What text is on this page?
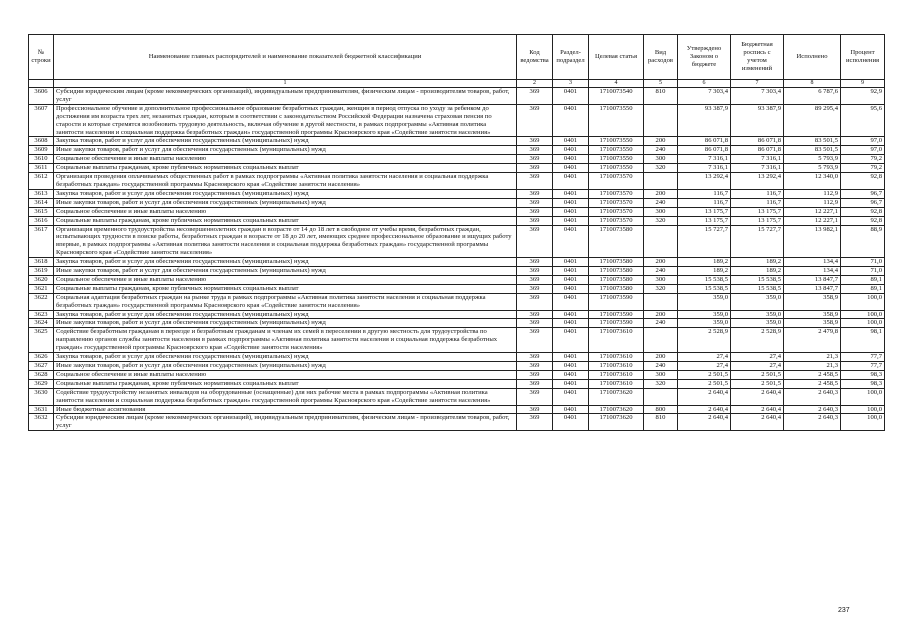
№ строки	Наименование главных распорядителей и наименование показателей бюджетной классификации	Код ведомства	Раздел-подраздел	Целевая статья	Вид расходов	Утверждено Законом о бюджете	Бюджетная роспись с учетом изменений	Исполнено	Процент исполнения
	1	2	3	4	5	6	7	8	9
3606	Субсидии юридическим лицам (кроме некоммерческих организаций), индивидуальным предпринимателям, физическим лицам - производителям товаров, работ, услуг	369	0401	1710073540	810	7 303,4	7 303,4	6 787,6	92,9
3607	Профессиональное обучение и дополнительное профессиональное образование безработных граждан, женщин в период отпуска по уходу за ребенком до достижения им возраста трех лет, незанятых граждан, которым в соответствии с законодательством Российской Федерации назначена страховая пенсия по старости и которые стремятся возобновить трудовую деятельность, включая обучение в другой местности, в рамках подпрограммы «Активная политика занятости населения и социальная поддержка безработных граждан» государственной программы Красноярского края «Содействие занятости населения»	369	0401	1710073550		93 387,9	93 387,9	89 295,4	95,6
3608	Закупка товаров, работ и услуг для обеспечения государственных (муниципальных) нужд	369	0401	1710073550	200	86 071,8	86 071,8	83 501,5	97,0
3609	Иные закупки товаров, работ и услуг для обеспечения государственных (муниципальных) нужд	369	0401	1710073550	240	86 071,8	86 071,8	83 501,5	97,0
3610	Социальное обеспечение и иные выплаты населению	369	0401	1710073550	300	7 316,1	7 316,1	5 793,9	79,2
3611	Социальные выплаты гражданам, кроме публичных нормативных социальных выплат	369	0401	1710073550	320	7 316,1	7 316,1	5 793,9	79,2
3612	Организация проведения оплачиваемых общественных работ в рамках подпрограммы «Активная политика занятости населения и социальная поддержка безработных граждан» государственной программы Красноярского края «Содействие занятости населения»	369	0401	1710073570		13 292,4	13 292,4	12 340,0	92,8
3613	Закупка товаров, работ и услуг для обеспечения государственных (муниципальных) нужд	369	0401	1710073570	200	116,7	116,7	112,9	96,7
3614	Иные закупки товаров, работ и услуг для обеспечения государственных (муниципальных) нужд	369	0401	1710073570	240	116,7	116,7	112,9	96,7
3615	Социальное обеспечение и иные выплаты населению	369	0401	1710073570	300	13 175,7	13 175,7	12 227,1	92,8
3616	Социальные выплаты гражданам, кроме публичных нормативных социальных выплат	369	0401	1710073570	320	13 175,7	13 175,7	12 227,1	92,8
3617	Организация временного трудоустройства несовершеннолетних граждан в возрасте от 14 до 18 лет в свободное от учебы время, безработных граждан, испытывающих трудности в поиске работы, безработных граждан в возрасте от 18 до 20 лет, имеющих среднее профессиональное образование и ищущих работу впервые, в рамках подпрограммы «Активная политика занятости населения и социальная поддержка безработных граждан» государственной программы Красноярского края «Содействие занятости населения»	369	0401	1710073580		15 727,7	15 727,7	13 982,1	88,9
3618	Закупка товаров, работ и услуг для обеспечения государственных (муниципальных) нужд	369	0401	1710073580	200	189,2	189,2	134,4	71,0
3619	Иные закупки товаров, работ и услуг для обеспечения государственных (муниципальных) нужд	369	0401	1710073580	240	189,2	189,2	134,4	71,0
3620	Социальное обеспечение и иные выплаты населению	369	0401	1710073580	300	15 538,5	15 538,5	13 847,7	89,1
3621	Социальные выплаты гражданам, кроме публичных нормативных социальных выплат	369	0401	1710073580	320	15 538,5	15 538,5	13 847,7	89,1
3622	Социальная адаптация безработных граждан на рынке труда в рамках подпрограммы «Активная политика занятости населения и социальная поддержка безработных граждан» государственной программы Красноярского края «Содействие занятости населения»	369	0401	1710073590		359,0	359,0	358,9	100,0
3623	Закупка товаров, работ и услуг для обеспечения государственных (муниципальных) нужд	369	0401	1710073590	200	359,0	359,0	358,9	100,0
3624	Иные закупки товаров, работ и услуг для обеспечения государственных (муниципальных) нужд	369	0401	1710073590	240	359,0	359,0	358,9	100,0
3625	Содействие безработным гражданам в переезде и безработным гражданам и членам их семей в переселении в другую местность для трудоустройства по направлению органов службы занятости населения в рамках подпрограммы «Активная политика занятости населения и социальная поддержка безработных граждан» государственной программы Красноярского края «Содействие занятости населения»	369	0401	1710073610		2 528,9	2 528,9	2 479,8	98,1
3626	Закупка товаров, работ и услуг для обеспечения государственных (муниципальных) нужд	369	0401	1710073610	200	27,4	27,4	21,3	77,7
3627	Иные закупки товаров, работ и услуг для обеспечения государственных (муниципальных) нужд	369	0401	1710073610	240	27,4	27,4	21,3	77,7
3628	Социальное обеспечение и иные выплаты населению	369	0401	1710073610	300	2 501,5	2 501,5	2 458,5	98,3
3629	Социальные выплаты гражданам, кроме публичных нормативных социальных выплат	369	0401	1710073610	320	2 501,5	2 501,5	2 458,5	98,3
3630	Содействие трудоустройству незанятых инвалидов на оборудованные (оснащенные) для них рабочие места в рамках подпрограммы «Активная политика занятости населения и социальная поддержка безработных граждан» государственной программы Красноярского края «Содействие занятости населения»	369	0401	1710073620		2 640,4	2 640,4	2 640,3	100,0
3631	Иные бюджетные ассигнования	369	0401	1710073620	800	2 640,4	2 640,4	2 640,3	100,0
3632	Субсидии юридическим лицам (кроме некоммерческих организаций), индивидуальным предпринимателям, физическим лицам - производителям товаров, работ, услуг	369	0401	1710073620	810	2 640,4	2 640,4	2 640,3	100,0
237
